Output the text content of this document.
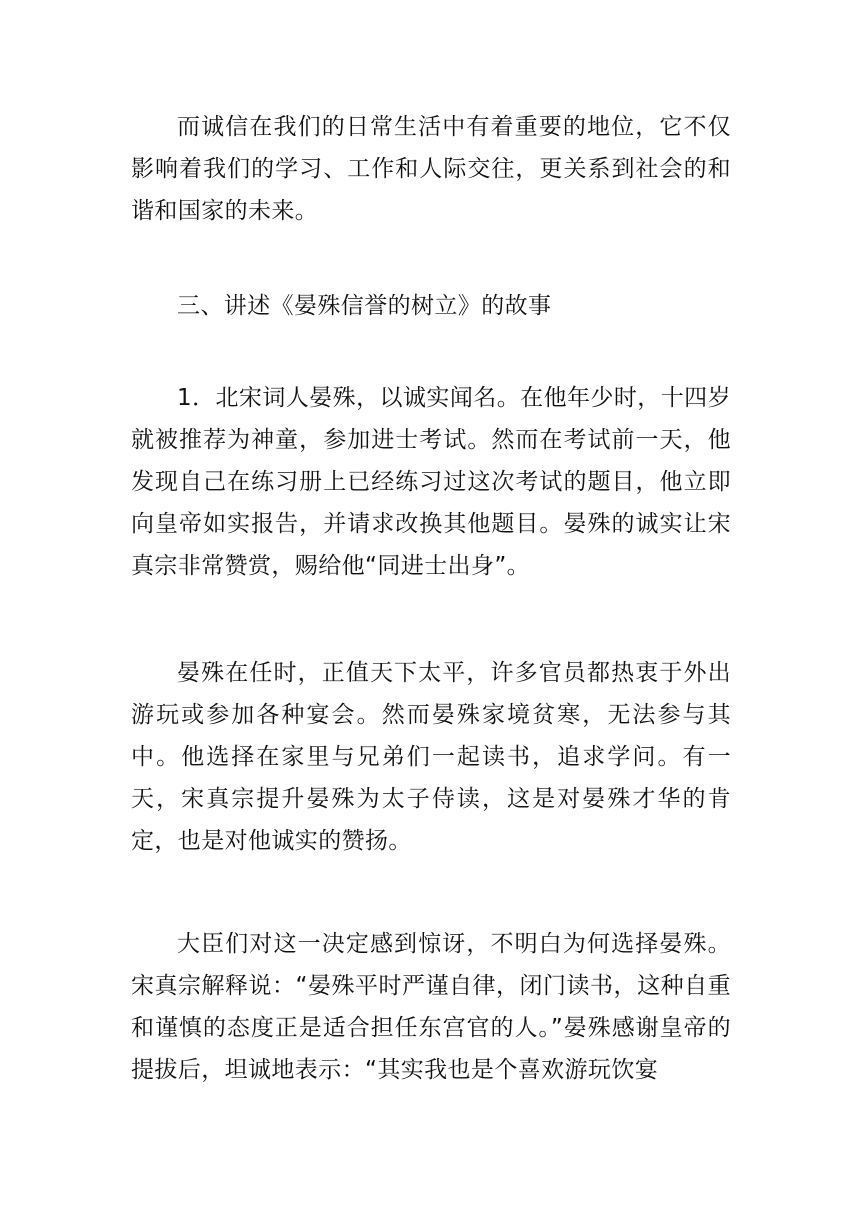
而诚信在我们的日常生活中有着重要的地位，它不仅影响着我们的学习、工作和人际交往，更关系到社会的和谐和国家的未来。

三、讲述《晏殊信誉的树立》的故事

1．北宋词人晏殊，以诚实闻名。在他年少时，十四岁就被推荐为神童，参加进士考试。然而在考试前一天，他发现自己在练习册上已经练习过这次考试的题目，他立即向皇帝如实报告，并请求改换其他题目。晏殊的诚实让宋真宗非常赞赏，赐给他“同进士出身”。

晏殊在任时，正值天下太平，许多官员都热衷于外出游玩或参加各种宴会。然而晏殊家境贫寒，无法参与其中。他选择在家里与兄弟们一起读书，追求学问。有一天，宋真宗提升晏殊为太子侍读，这是对晏殊才华的肯定，也是对他诚实的赞扬。

大臣们对这一决定感到惊讶，不明白为何选择晏殊。宋真宗解释说：“晏殊平时严谨自律，闭门读书，这种自重和谨慎的态度正是适合担任东宫官的人。”晏殊感谢皇帝的提拔后，坦诚地表示：“其实我也是个喜欢游玩饮宴
